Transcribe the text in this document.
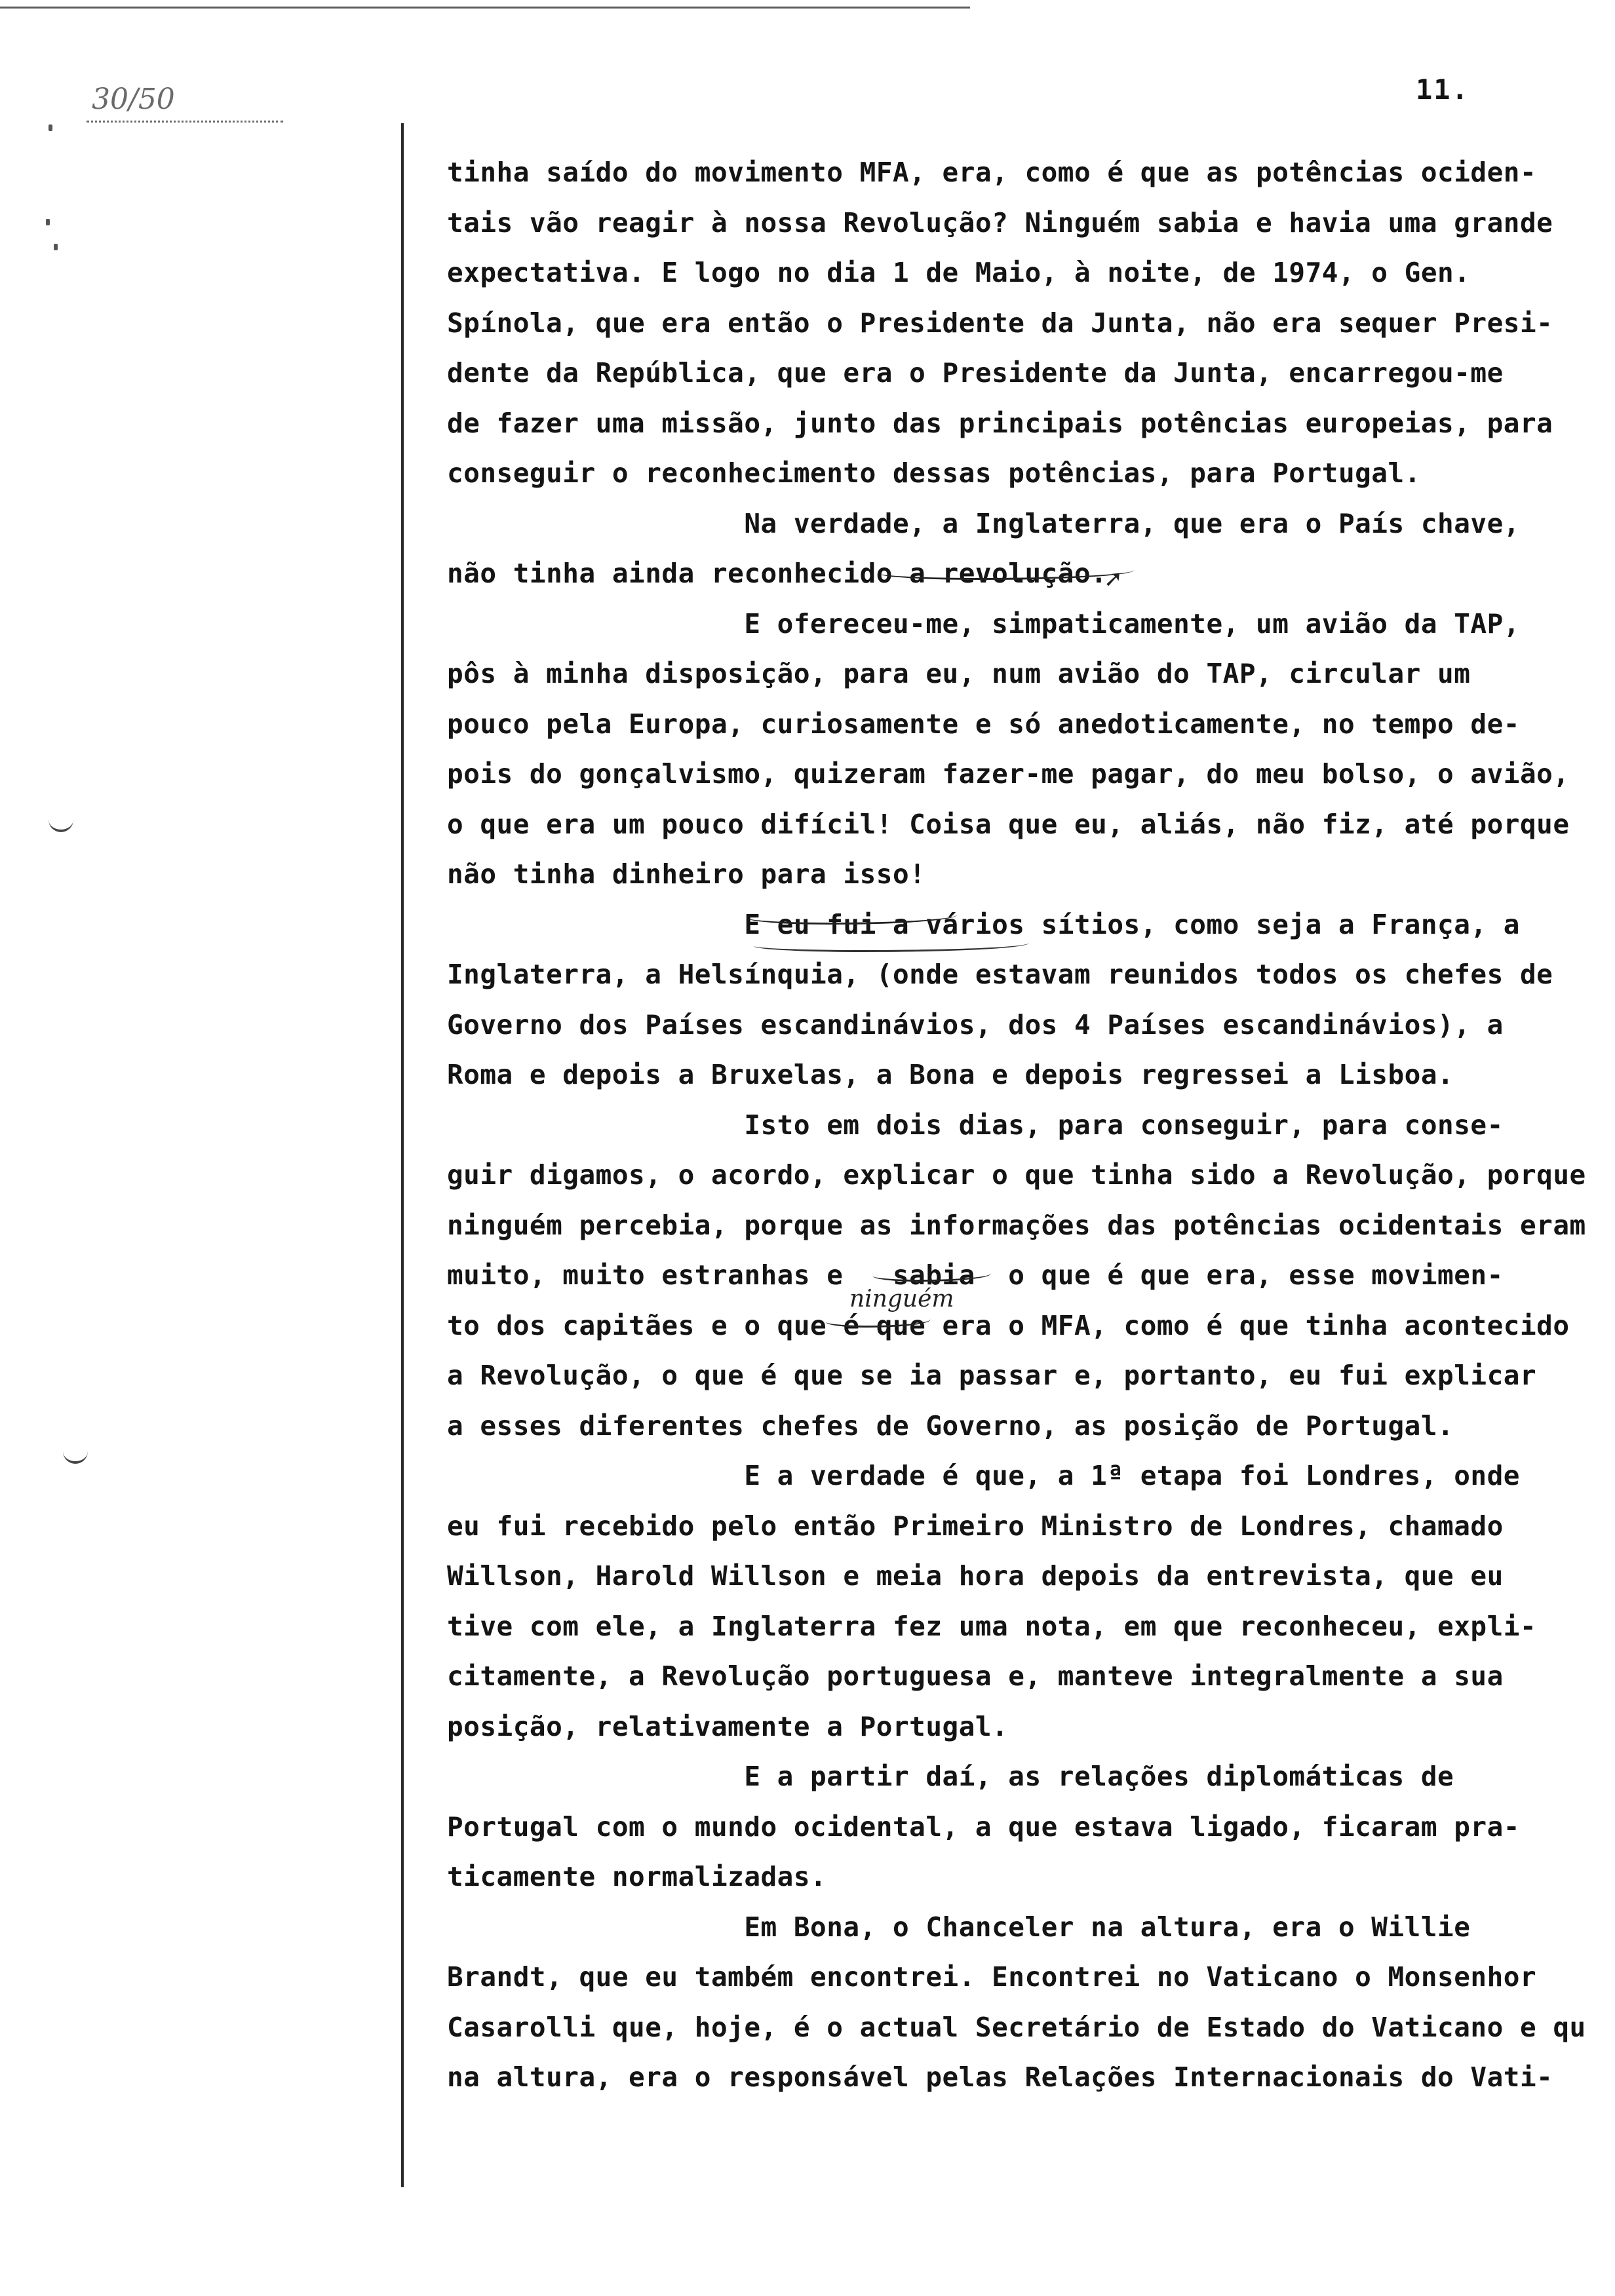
30/50	11.
tinha saído do movimento MFA, era, como é que as potências ociden-
tais vão reagir à nossa Revolução? Ninguém sabia e havia uma grande
expectativa. E logo no dia 1 de Maio, à noite, de 1974, o Gen.
Spínola, que era então o Presidente da Junta, não era sequer Presi-
dente da República, que era o Presidente da Junta, encarregou-me
de fazer uma missão, junto das principais potências europeias, para
conseguir o reconhecimento dessas potências, para Portugal.
Na verdade, a Inglaterra, que era o País chave,
não tinha ainda reconhecido a revolução.
E ofereceu-me, simpaticamente, um avião da TAP,
pôs à minha disposição, para eu, num avião do TAP, circular um
pouco pela Europa, curiosamente e só anedoticamente, no tempo de-
pois do gonçalvismo, quizeram fazer-me pagar, do meu bolso, o avião,
o que era um pouco difícil! Coisa que eu, aliás, não fiz, até porque
não tinha dinheiro para isso!
E eu fui a vários sítios, como seja a França, a
Inglaterra, a Helsínquia, (onde estavam reunidos todos os chefes de
Governo dos Países escandinávios, dos 4 Países escandinávios), a
Roma e depois a Bruxelas, a Bona e depois regressei a Lisboa.
Isto em dois dias, para conseguir, para conse-
guir digamos, o acordo, explicar o que tinha sido a Revolução, porque
ninguém percebia, porque as informações das potências ocidentais eram
muito, muito estranhas e   sabia  o que é que era, esse movimen-
to dos capitães e o que é que era o MFA, como é que tinha acontecido
a Revolução, o que é que se ia passar e, portanto, eu fui explicar
a esses diferentes chefes de Governo, as posição de Portugal.
E a verdade é que, a 1ª etapa foi Londres, onde
eu fui recebido pelo então Primeiro Ministro de Londres, chamado
Willson, Harold Willson e meia hora depois da entrevista, que eu
tive com ele, a Inglaterra fez uma nota, em que reconheceu, expli-
citamente, a Revolução portuguesa e, manteve integralmente a sua
posição, relativamente a Portugal.
E a partir daí, as relações diplomáticas de
Portugal com o mundo ocidental, a que estava ligado, ficaram pra-
ticamente normalizadas.
Em Bona, o Chanceler na altura, era o Willie
Brandt, que eu também encontrei. Encontrei no Vaticano o Monsenhor
Casarolli que, hoje, é o actual Secretário de Estado do Vaticano e qu
na altura, era o responsável pelas Relações Internacionais do Vati-
➚
ninguém
